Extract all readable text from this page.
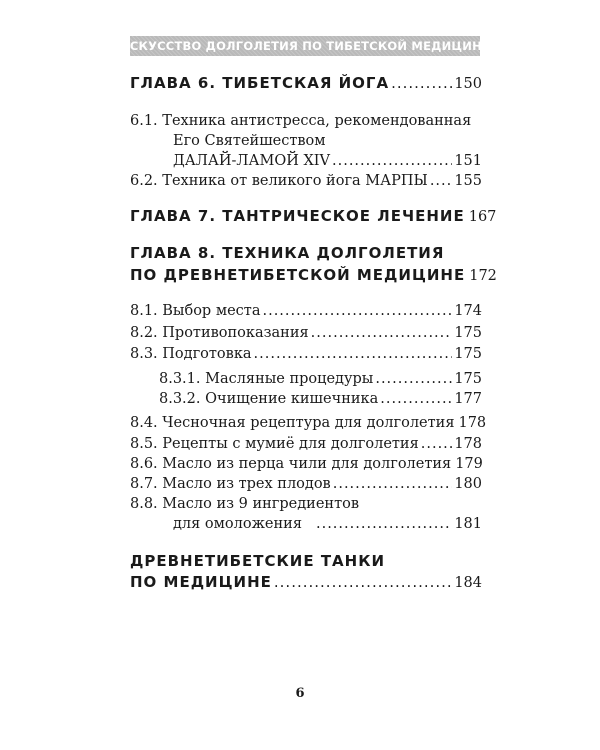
ИСКУССТВО ДОЛГОЛЕТИЯ ПО ТИБЕТСКОЙ МЕДИЦИНЕ
ГЛАВА 6. ТИБЕТСКАЯ ЙОГА .....	150
6.1. Техника антистресса, рекомендованная
Его Святейшеством
ДАЛАЙ-ЛАМОЙ XIV .....	151
6.2. Техника от великого йога МАРПЫ ..... 155
ГЛАВА 7. ТАНТРИЧЕСКОЕ ЛЕЧЕНИЕ 167
ГЛАВА 8. ТЕХНИКА ДОЛГОЛЕТИЯ
ПО ДРЕВНЕТИБЕТСКОЙ МЕДИЦИНЕ 172
8.1. Выбор места .....	174
8.2. Противопоказания .....	175
8.3. Подготовка .....	175
8.3.1. Масляные процедуры .....	175
8.3.2. Очищение кишечника .....	177
8.4. Чесночная рецептура для долголетия 178
8.5. Рецепты с мумиё для долголетия ..... 178
8.6. Масло из перца чили для долголетия 179
8.7. Масло из трех плодов .....	180
8.8. Масло из 9 ингредиентов
для омоложения .....	181
ДРЕВНЕТИБЕТСКИЕ ТАНКИ
ПО МЕДИЦИНЕ .....	184
6
